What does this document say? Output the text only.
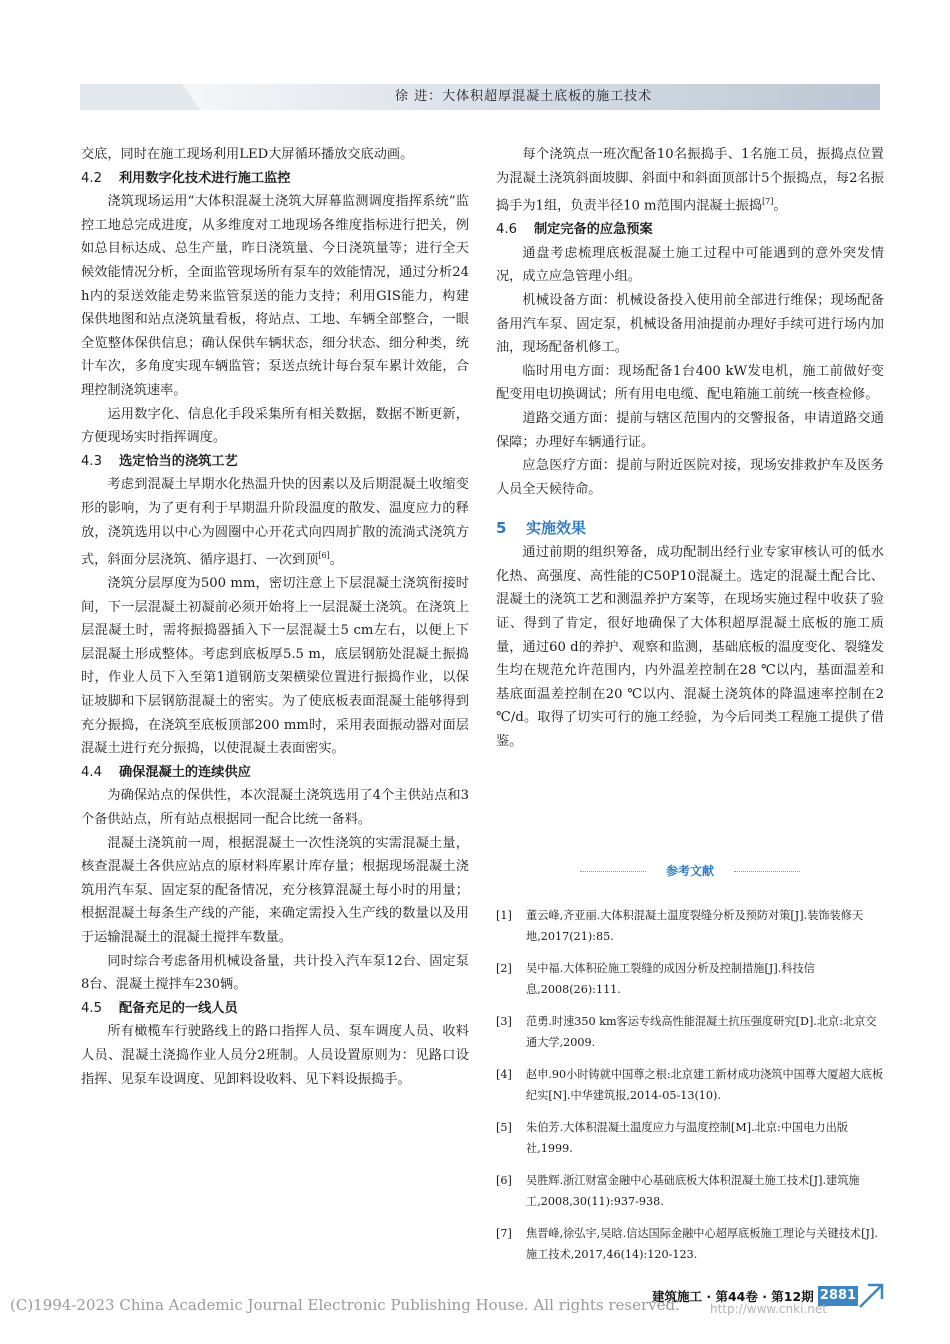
徐 进：大体积超厚混凝土底板的施工技术

交底，同时在施工现场利用LED大屏循环播放交底动画。

4.2 利用数字化技术进行施工监控

浇筑现场运用“大体积混凝土浇筑大屏幕监测调度指挥系统”监控工地总完成进度，从多维度对工地现场各维度指标进行把关，例如总目标达成、总生产量，昨日浇筑量、今日浇筑量等；进行全天候效能情况分析，全面监管现场所有泵车的效能情况，通过分析24 h内的泵送效能走势来监管泵送的能力支持；利用GIS能力，构建保供地图和站点浇筑量看板，将站点、工地、车辆全部整合，一眼全览整体保供信息；确认保供车辆状态，细分状态、细分种类，统计车次，多角度实现车辆监管；泵送点统计每台泵车累计效能，合理控制浇筑速率。

运用数字化、信息化手段采集所有相关数据，数据不断更新，方便现场实时指挥调度。

4.3 选定恰当的浇筑工艺

考虑到混凝土早期水化热温升快的因素以及后期混凝土收缩变形的影响，为了更有利于早期温升阶段温度的散发、温度应力的释放，浇筑选用以中心为圆圈中心开花式向四周扩散的流淌式浇筑方式，斜面分层浇筑、循序退打、一次到顶[6]。

浇筑分层厚度为500 mm，密切注意上下层混凝土浇筑衔接时间，下一层混凝土初凝前必须开始将上一层混凝土浇筑。在浇筑上层混凝土时，需将振捣器插入下一层混凝土5 cm左右，以便上下层混凝土形成整体。考虑到底板厚5.5 m，底层钢筋处混凝土振捣时，作业人员下入至第1道钢筋支架横梁位置进行振捣作业，以保证坡脚和下层钢筋混凝土的密实。为了使底板表面混凝土能够得到充分振捣，在浇筑至底板顶部200 mm时，采用表面振动器对面层混凝土进行充分振捣，以使混凝土表面密实。

4.4 确保混凝土的连续供应

为确保站点的保供性，本次混凝土浇筑选用了4个主供站点和3个备供站点，所有站点根据同一配合比统一备料。

混凝土浇筑前一周，根据混凝土一次性浇筑的实需混凝土量，核查混凝土各供应站点的原材料库累计库存量；根据现场混凝土浇筑用汽车泵、固定泵的配备情况，充分核算混凝土每小时的用量；根据混凝土每条生产线的产能，来确定需投入生产线的数量以及用于运输混凝土的混凝土搅拌车数量。

同时综合考虑备用机械设备量，共计投入汽车泵12台、固定泵8台、混凝土搅拌车230辆。

4.5 配备充足的一线人员

所有橄榄车行驶路线上的路口指挥人员、泵车调度人员、收料人员、混凝土浇捣作业人员分2班制。人员设置原则为：见路口设指挥、见泵车设调度、见卸料设收料、见下料设振捣手。

每个浇筑点一班次配备10名振捣手、1名施工员，振捣点位置为混凝土浇筑斜面坡脚、斜面中和斜面顶部计5个振捣点，每2名振捣手为1组，负责半径10 m范围内混凝土振捣[7]。

4.6 制定完备的应急预案

通盘考虑梳理底板混凝土施工过程中可能遇到的意外突发情况，成立应急管理小组。

机械设备方面：机械设备投入使用前全部进行维保；现场配备备用汽车泵、固定泵，机械设备用油提前办理好手续可进行场内加油，现场配备机修工。

临时用电方面：现场配备1台400 kW发电机，施工前做好变配变用电切换调试；所有用电电缆、配电箱施工前统一核查检修。

道路交通方面：提前与辖区范围内的交警报备，申请道路交通保障；办理好车辆通行证。

应急医疗方面：提前与附近医院对接，现场安排救护车及医务人员全天候待命。

5 实施效果

通过前期的组织筹备，成功配制出经行业专家审核认可的低水化热、高强度、高性能的C50P10混凝土。选定的混凝土配合比、混凝土的浇筑工艺和测温养护方案等，在现场实施过程中收获了验证、得到了肯定，很好地确保了大体积超厚混凝土底板的施工质量，通过60 d的养护、观察和监测，基础底板的温度变化、裂缝发生均在规范允许范围内，内外温差控制在28 ℃以内，基面温差和基底面温差控制在20 ℃以内、混凝土浇筑体的降温速率控制在2 ℃/d。取得了切实可行的施工经验，为今后同类工程施工提供了借鉴。

参考文献
[1] 董云峰,齐亚丽.大体积混凝土温度裂缝分析及预防对策[J].装饰装修天地,2017(21):85.
[2] 吴中福.大体积砼施工裂缝的成因分析及控制措施[J].科技信息,2008(26):111.
[3] 范勇.时速350 km客运专线高性能混凝土抗压强度研究[D].北京:北京交通大学,2009.
[4] 赵申.90小时铸就中国尊之根:北京建工新材成功浇筑中国尊大厦超大底板纪实[N].中华建筑报,2014-05-13(10).
[5] 朱伯芳.大体积混凝土温度应力与温度控制[M].北京:中国电力出版社,1999.
[6] 吴胜辉.浙江财富金融中心基础底板大体积混凝土施工技术[J].建筑施工,2008,30(11):937-938.
[7] 焦晋峰,徐弘宇,吴晗.信达国际金融中心超厚底板施工理论与关键技术[J].施工技术,2017,46(14):120-123.
建筑施工 · 第44卷 · 第12期 2881
(C)1994-2023 China Academic Journal Electronic Publishing House. All rights reserved.	http://www.cnki.net
